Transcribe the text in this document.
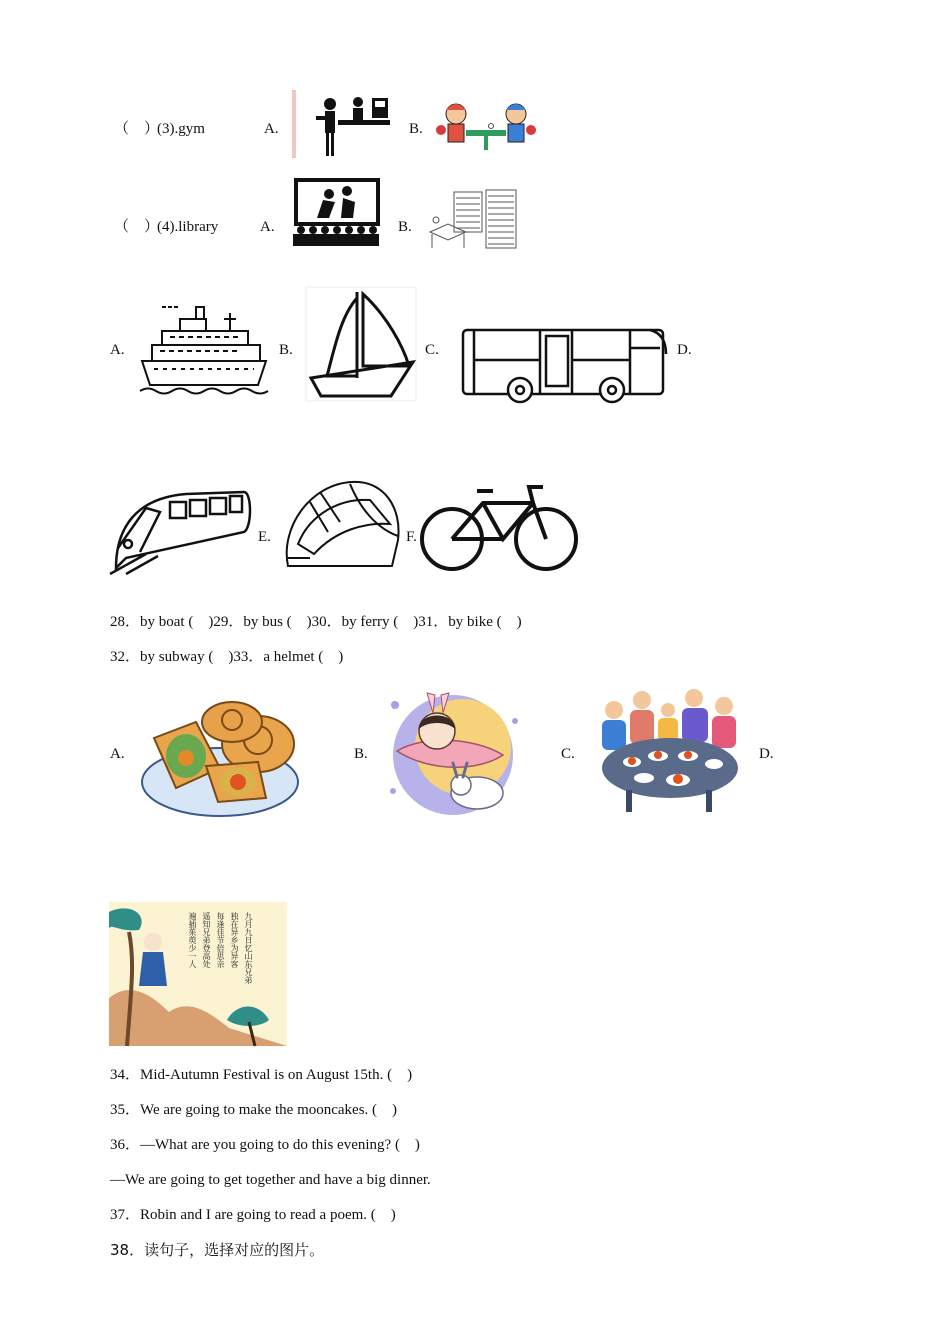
（　）
(3).gym	A.	B.
（　）
(4).library	A.	B.
A.	B.	C.	D.
E.	F.
28．by boat (　)29．by bus (　)30．by ferry (　)31．by bike (　)
32．by subway (　)33．a helmet (　)
A.	B.	C.	D.
九月九日忆山东兄弟
独在异乡为异客
每逢佳节倍思亲
遥知兄弟登高处
遍插茱萸少一人
34．Mid-Autumn Festival is on August 15th. (　)
35．We are going to make the mooncakes. (　)
36．—What are you going to do this evening? (　)
—We are going to get together and have a big dinner.
37．Robin and I are going to read a poem. (　)
38．读句子，选择对应的图片。
